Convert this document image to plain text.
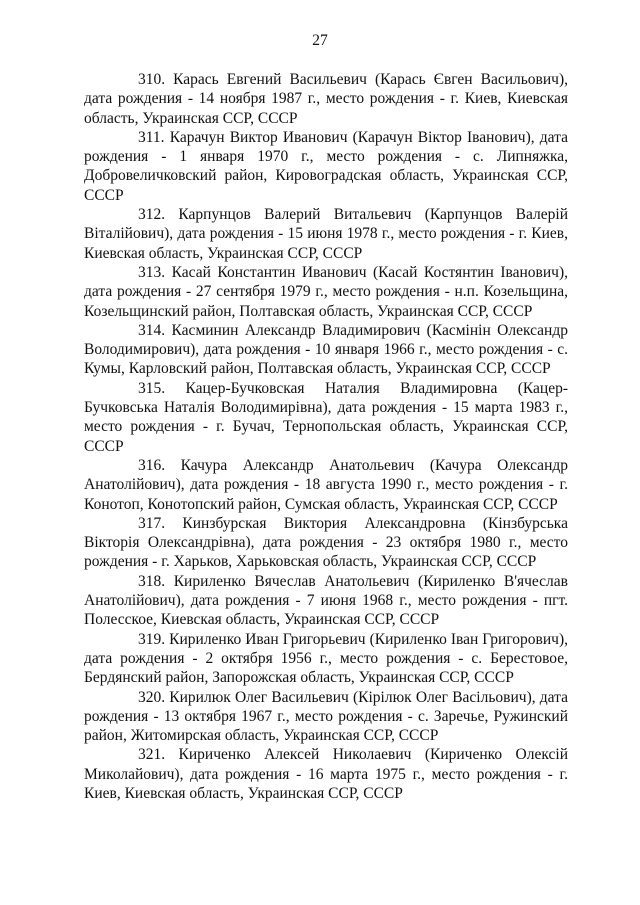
27

310. Карась Евгений Васильевич (Карась Євген Васильович), дата рождения - 14 ноября 1987 г., место рождения - г. Киев, Киевская область, Украинская ССР, СССР

311. Карачун Виктор Иванович (Карачун Віктор Іванович), дата рождения - 1 января 1970 г., место рождения - с. Липняжка, Добровеличковский район, Кировоградская область, Украинская ССР, СССР

312. Карпунцов Валерий Витальевич (Карпунцов Валерій Віталійович), дата рождения - 15 июня 1978 г., место рождения - г. Киев, Киевская область, Украинская ССР, СССР

313. Касай Константин Иванович (Касай Костянтин Іванович), дата рождения - 27 сентября 1979 г., место рождения - н.п. Козельщина, Козельщинский район, Полтавская область, Украинская ССР, СССР

314. Касминин Александр Владимирович (Касмінін Олександр Володимирович), дата рождения - 10 января 1966 г., место рождения - с. Кумы, Карловский район, Полтавская область, Украинская ССР, СССР

315. Кацер-Бучковская Наталия Владимировна (Кацер-Бучковська Наталія Володимирівна), дата рождения - 15 марта 1983 г., место рождения - г. Бучач, Тернопольская область, Украинская ССР, СССР

316. Качура Александр Анатольевич (Качура Олександр Анатолійович), дата рождения - 18 августа 1990 г., место рождения - г. Конотоп, Конотопский район, Сумская область, Украинская ССР, СССР

317. Кинзбурская Виктория Александровна (Кінзбурська Вікторія Олександрівна), дата рождения - 23 октября 1980 г., место рождения - г. Харьков, Харьковская область, Украинская ССР, СССР

318. Кириленко Вячеслав Анатольевич (Кириленко В'ячеслав Анатолійович), дата рождения - 7 июня 1968 г., место рождения - пгт. Полесское, Киевская область, Украинская ССР, СССР

319. Кириленко Иван Григорьевич (Кириленко Іван Григорович), дата рождения - 2 октября 1956 г., место рождения - с. Берестовое, Бердянский район, Запорожская область, Украинская ССР, СССР

320. Кирилюк Олег Васильевич (Кірілюк Олег Васільович), дата рождения - 13 октября 1967 г., место рождения - с. Заречье, Ружинский район, Житомирская область, Украинская ССР, СССР

321. Кириченко Алексей Николаевич (Кириченко Олексій Миколайович), дата рождения - 16 марта 1975 г., место рождения - г. Киев, Киевская область, Украинская ССР, СССР
